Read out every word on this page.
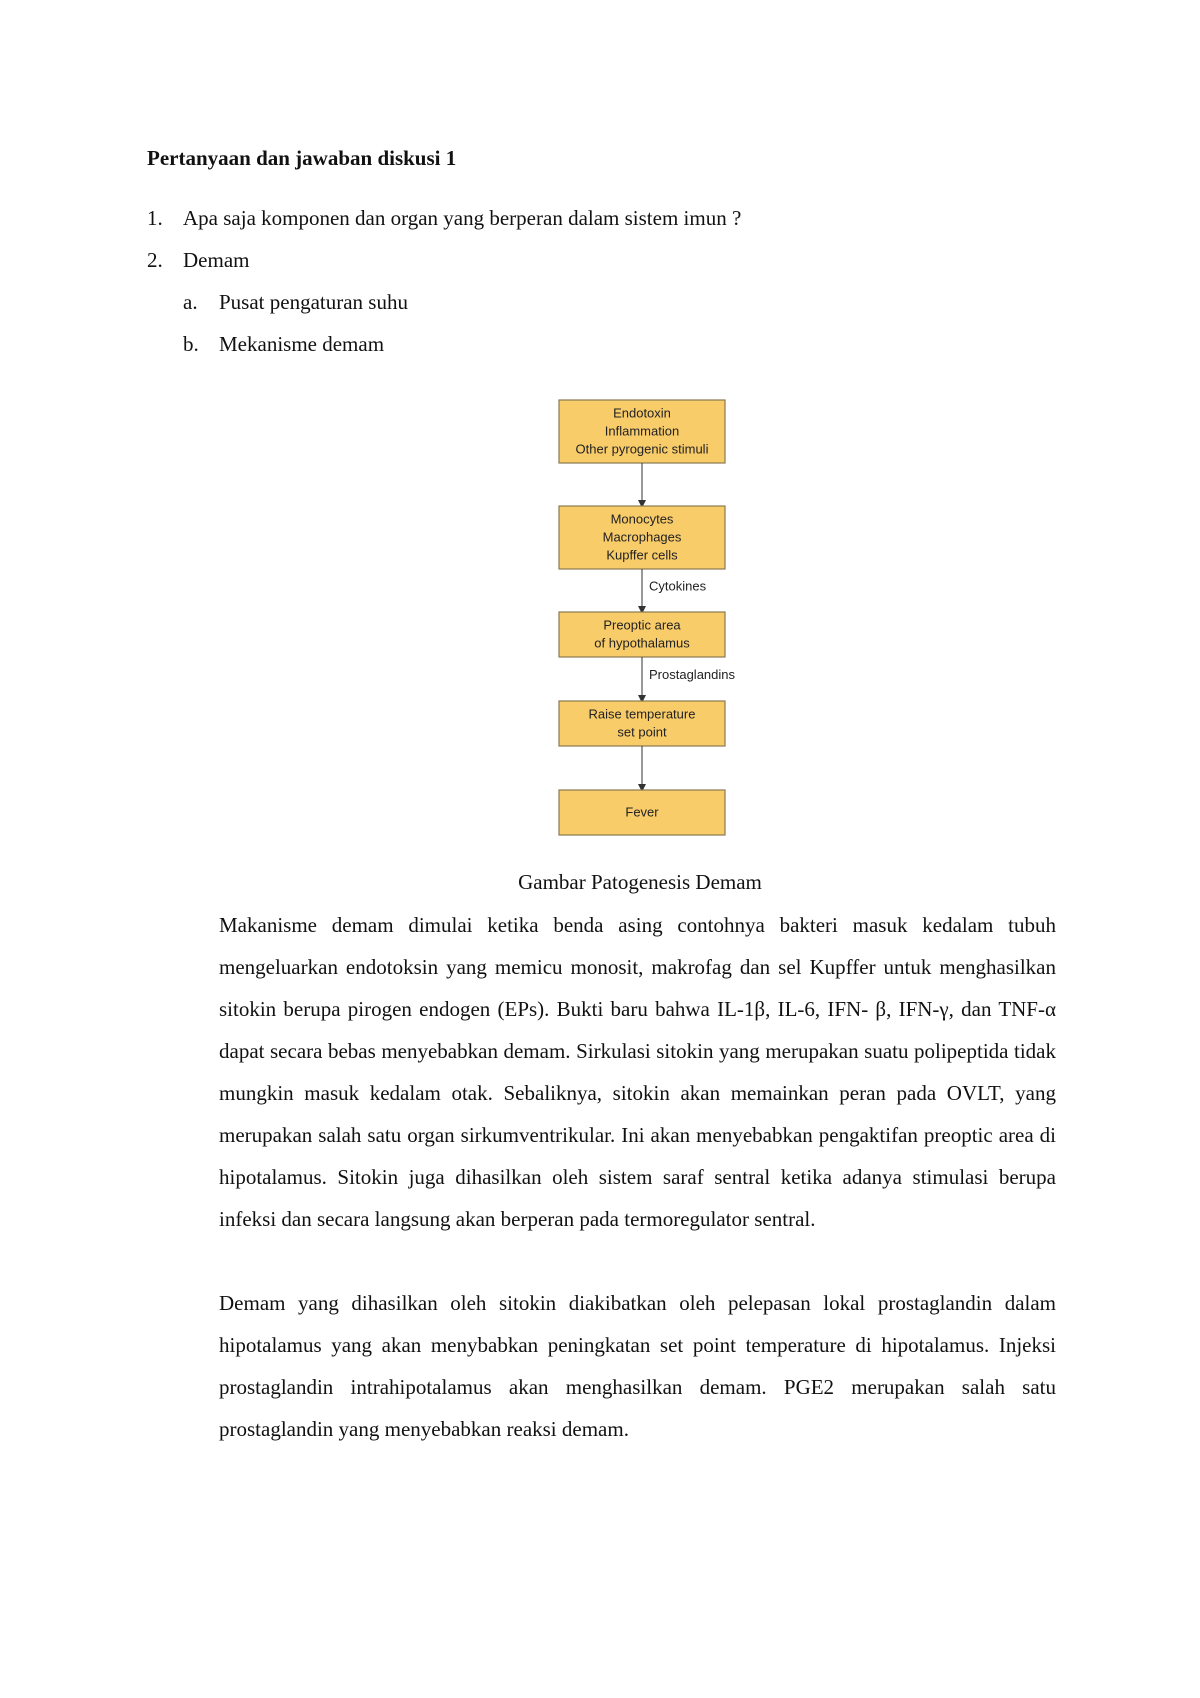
Pertanyaan dan jawaban diskusi 1
1. Apa saja komponen dan organ yang berperan dalam sistem imun ?
2. Demam
a.	Pusat pengaturan suhu
b. Mekanisme demam
Endotoxin
Inflammation
Other pyrogenic stimuli
Monocytes
Macrophages
Kupffer cells
Cytokines
Preoptic area
of hypothalamus
Prostaglandins
Raise temperature
set point
Fever
Gambar Patogenesis Demam
Makanisme demam dimulai ketika benda asing contohnya bakteri masuk kedalam tubuh mengeluarkan endotoksin yang memicu monosit, makrofag dan sel Kupffer untuk menghasilkan sitokin berupa pirogen endogen (EPs). Bukti baru bahwa IL-1β, IL-6, IFN- β, IFN-γ, dan TNF-α dapat secara bebas menyebabkan demam. Sirkulasi sitokin yang merupakan suatu polipeptida tidak mungkin masuk kedalam otak. Sebaliknya, sitokin akan memainkan peran pada OVLT, yang merupakan salah satu organ sirkumventrikular. Ini akan menyebabkan pengaktifan preoptic area di hipotalamus. Sitokin juga dihasilkan oleh sistem saraf sentral ketika adanya stimulasi berupa infeksi dan secara langsung akan berperan pada termoregulator sentral.
Demam yang dihasilkan oleh sitokin diakibatkan oleh pelepasan lokal prostaglandin dalam hipotalamus yang akan menybabkan peningkatan set point temperature di hipotalamus. Injeksi prostaglandin intrahipotalamus akan menghasilkan demam. PGE2 merupakan salah satu prostaglandin yang menyebabkan reaksi demam.
